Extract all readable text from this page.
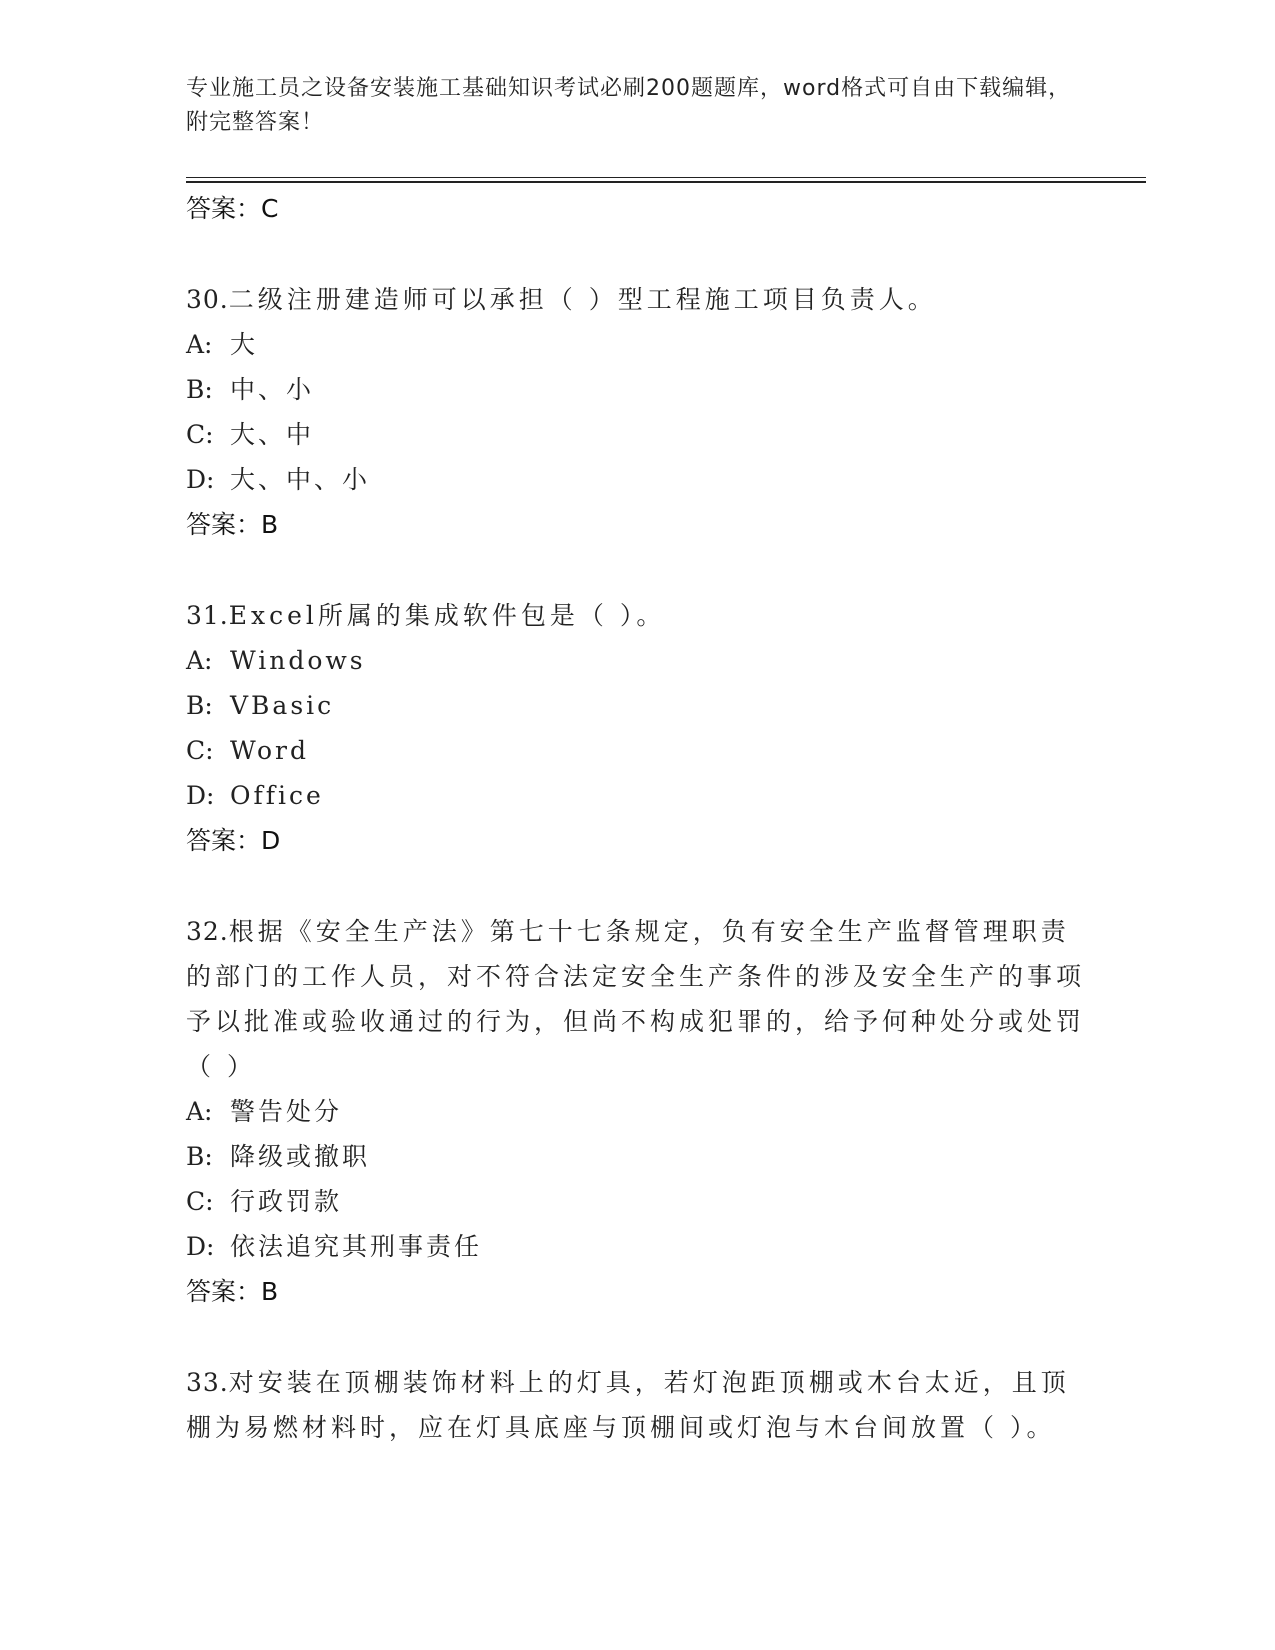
专业施工员之设备安装施工基础知识考试必刷200题题库，word格式可自由下载编辑，附完整答案！
答案：C
30.二级注册建造师可以承担（ ）型工程施工项目负责人。
A: 大
B: 中、小
C: 大、中
D: 大、中、小
答案：B
31.Excel所属的集成软件包是（ ）。
A: Windows
B: VBasic
C: Word
D: Office
答案：D
32.根据《安全生产法》第七十七条规定，负有安全生产监督管理职责的部门的工作人员，对不符合法定安全生产条件的涉及安全生产的事项予以批准或验收通过的行为，但尚不构成犯罪的，给予何种处分或处罚（ ）
A: 警告处分
B: 降级或撤职
C: 行政罚款
D: 依法追究其刑事责任
答案：B
33.对安装在顶棚装饰材料上的灯具，若灯泡距顶棚或木台太近，且顶棚为易燃材料时，应在灯具底座与顶棚间或灯泡与木台间放置（ ）。
